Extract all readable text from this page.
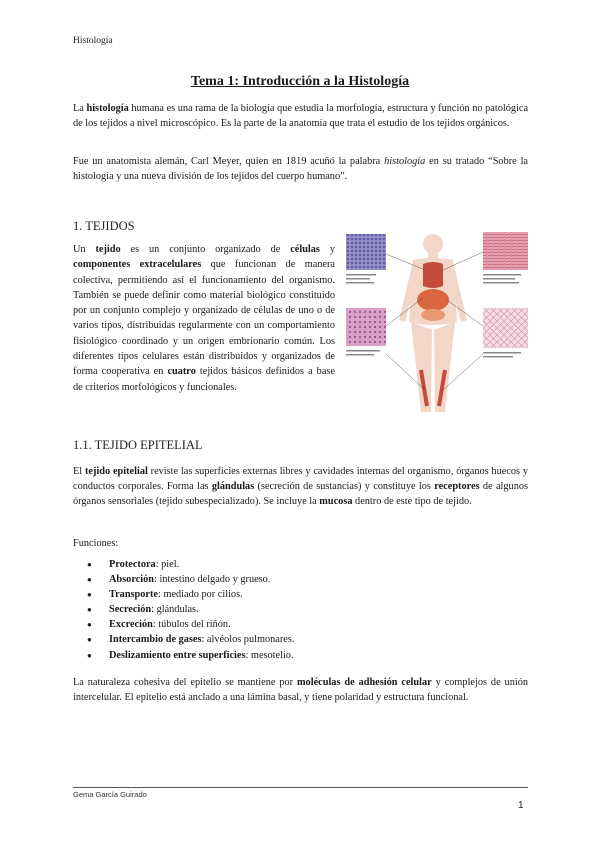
Histología
Tema 1: Introducción a la Histología

La histología humana es una rama de la biología que estudia la morfología, estructura y función no patológica de los tejidos a nivel microscópico. Es la parte de la anatomía que trata el estudio de los tejidos orgánicos.

Fue un anatomista alemán, Carl Meyer, quien en 1819 acuñó la palabra histología en su tratado “Sobre la histología y una nueva división de los tejidos del cuerpo humano”.

1. TEJIDOS

Un tejido es un conjunto organizado de células y componentes extracelulares que funcionan de manera colectiva, permitiendo así el funcionamiento del organismo. También se puede definir como material biológico constituido por un conjunto complejo y organizado de células de uno o de varios tipos, distribuidas regularmente con un comportamiento fisiológico coordinado y un origen embrionario común. Los diferentes tipos celulares están distribuidos y organizados de forma cooperativa en cuatro tejidos básicos definidos a base de criterios morfológicos y funcionales.

1.1. TEJIDO EPITELIAL

El tejido epitelial reviste las superficies externas libres y cavidades internas del organismo, órganos huecos y conductos corporales. Forma las glándulas (secreción de sustancias) y constituye los receptores de algunos órganos sensoriales (tejido subespecializado). Se incluye la mucosa dentro de este tipo de tejido.

Funciones:
● Protectora: piel.
● Absorción: intestino delgado y grueso.
● Transporte: mediado por cilios.
● Secreción: glándulas.
● Excreción: túbulos del riñón.
● Intercambio de gases: alvéolos pulmonares.
● Deslizamiento entre superficies: mesotelio.

La naturaleza cohesiva del epitelio se mantiene por moléculas de adhesión celular y complejos de unión intercelular. El epitelio está anclado a una lámina basal, y tiene polaridad y estructura funcional.

Gema García Guirado
1
